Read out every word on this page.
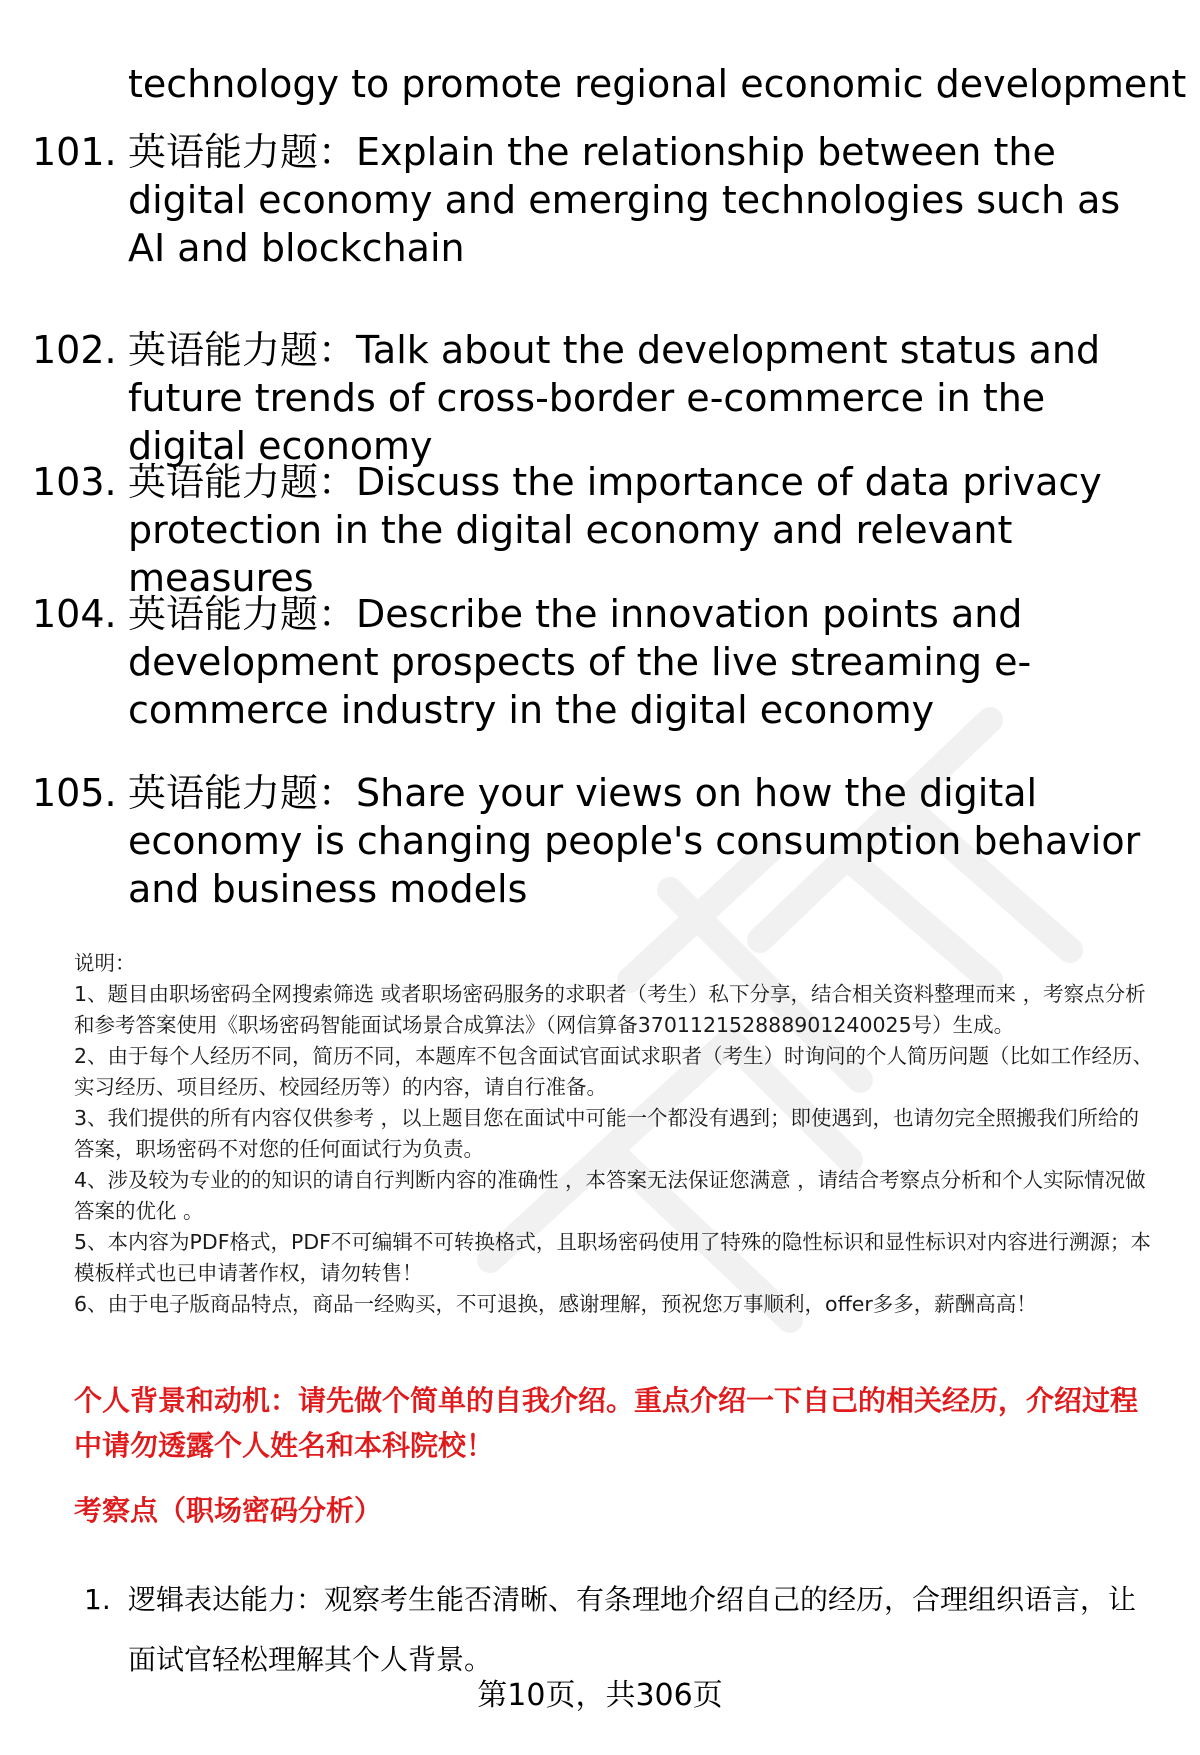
technology to promote regional economic development
101. 英语能力题：Explain the relationship between the digital economy and emerging technologies such as AI and blockchain
102. 英语能力题：Talk about the development status and future trends of cross-border e-commerce in the digital economy
103. 英语能力题：Discuss the importance of data privacy protection in the digital economy and relevant measures
104. 英语能力题：Describe the innovation points and development prospects of the live streaming e-commerce industry in the digital economy
105. 英语能力题：Share your views on how the digital economy is changing people's consumption behavior and business models

说明：

1、题目由职场密码全网搜索筛选 或者职场密码服务的求职者（考生）私下分享，结合相关资料整理而来 ，考察点分析和参考答案使用《职场密码智能面试场景合成算法》（网信算备370112152888901240025号）生成。

2、由于每个人经历不同，简历不同，本题库不包含面试官面试求职者（考生）时询问的个人简历问题（比如工作经历、实习经历、项目经历、校园经历等）的内容，请自行准备。

3、我们提供的所有内容仅供参考 ，以上题目您在面试中可能一个都没有遇到；即使遇到，也请勿完全照搬我们所给的答案，职场密码不对您的任何面试行为负责。

4、涉及较为专业的的知识的请自行判断内容的准确性 ，本答案无法保证您满意 ，请结合考察点分析和个人实际情况做答案的优化 。

5、本内容为PDF格式，PDF不可编辑不可转换格式，且职场密码使用了特殊的隐性标识和显性标识对内容进行溯源；本模板样式也已申请著作权，请勿转售！

6、由于电子版商品特点，商品一经购买，不可退换，感谢理解，预祝您万事顺利，offer多多，薪酬高高！

个人背景和动机：请先做个简单的自我介绍。重点介绍一下自己的相关经历，介绍过程中请勿透露个人姓名和本科院校！
考察点（职场密码分析）
1. 逻辑表达能力：观察考生能否清晰、有条理地介绍自己的经历，合理组织语言，让面试官轻松理解其个人背景。
第10页，共306页
